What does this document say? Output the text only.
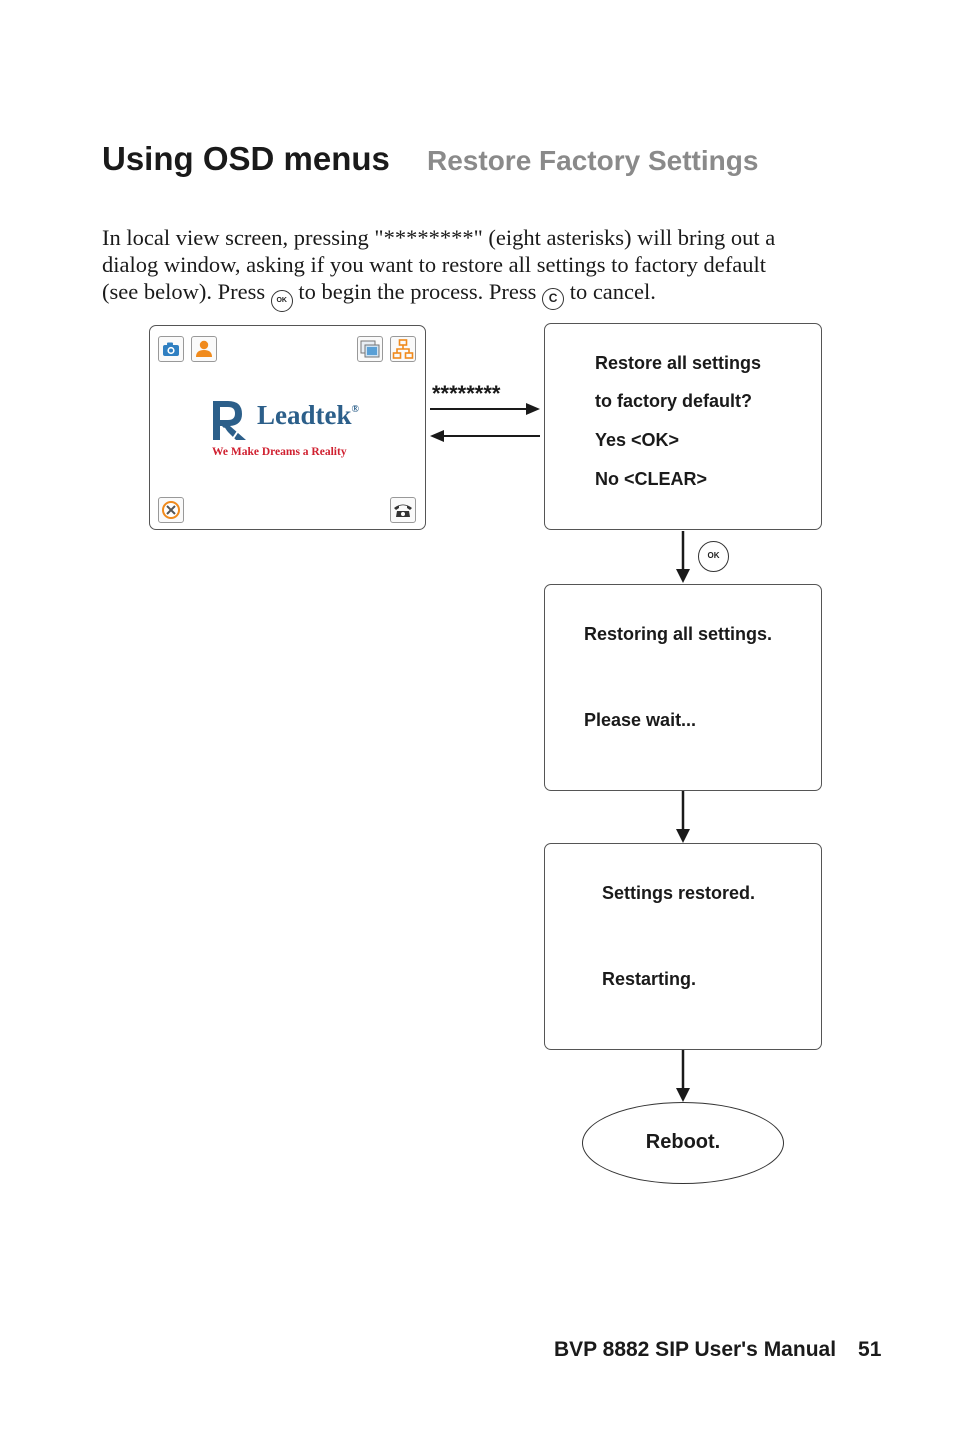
Using OSD menus Restore Factory Settings
In local view screen, pressing "********" (eight asterisks) will bring out a
dialog window, asking if you want to restore all settings to factory default
(see below). Press OK to begin the process. Press C to cancel.
Leadtek®
We Make Dreams a Reality
********
Restore all settings
to factory default?
Yes <OK>
No <CLEAR>
OK
Restoring all settings.
Please wait...
Settings restored.
Restarting.
Reboot.
BVP 8882 SIP User's Manual 51
